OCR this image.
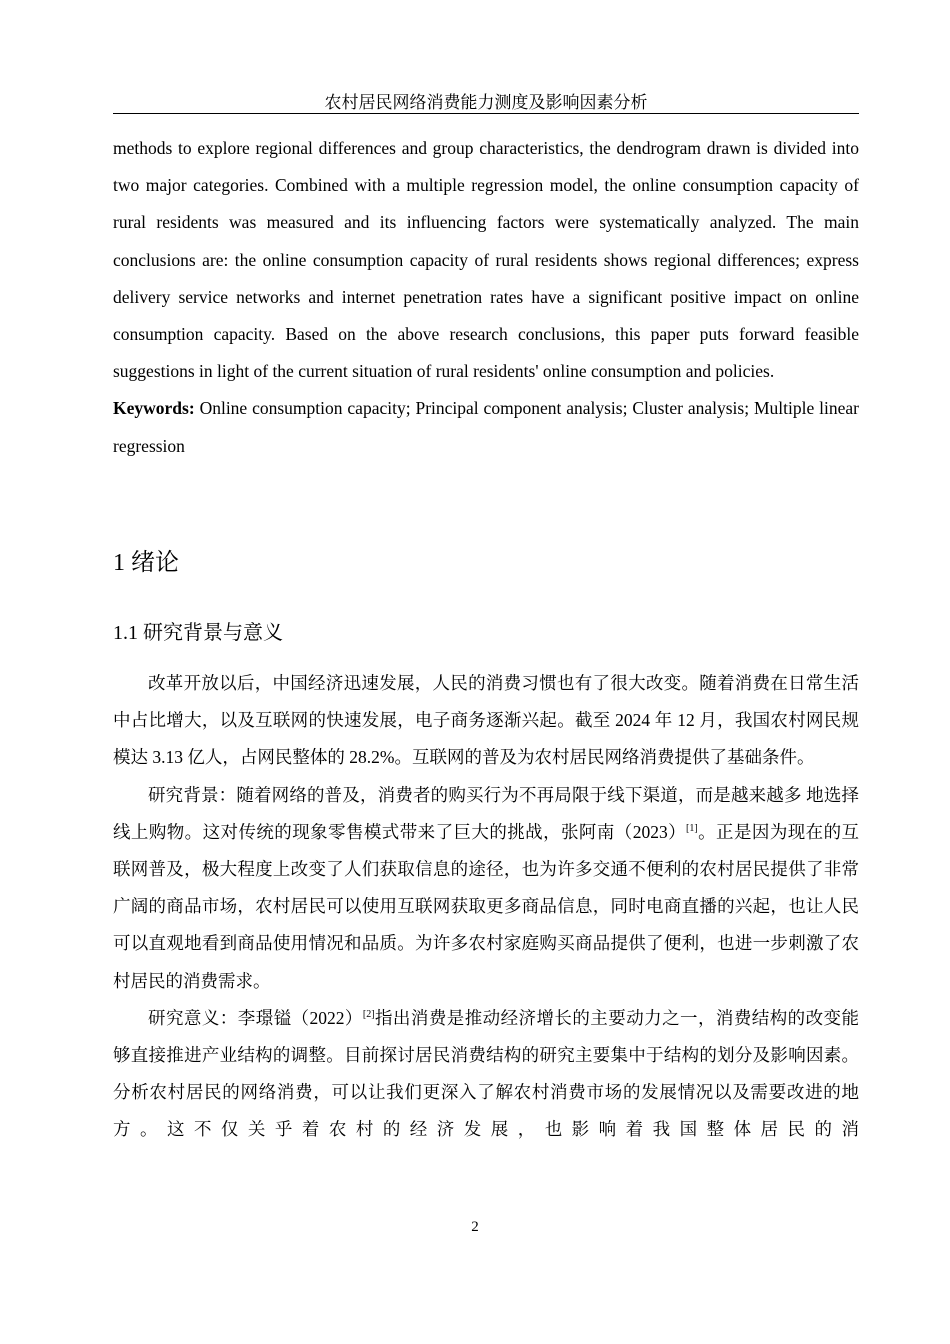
农村居民网络消费能力测度及影响因素分析

methods to explore regional differences and group characteristics, the dendrogram drawn is divided into two major categories. Combined with a multiple regression model, the online consumption capacity of rural residents was measured and its influencing factors were systematically analyzed. The main conclusions are: the online consumption capacity of rural residents shows regional differences; express delivery service networks and internet penetration rates have a significant positive impact on online consumption capacity. Based on the above research conclusions, this paper puts forward feasible suggestions in light of the current situation of rural residents' online consumption and policies.

Keywords: Online consumption capacity; Principal component analysis; Cluster analysis; Multiple linear regression

1 绪论
1.1 研究背景与意义

改革开放以后，中国经济迅速发展，人民的消费习惯也有了很大改变。随着消费在日常生活中占比增大，以及互联网的快速发展，电子商务逐渐兴起。截至 2024 年 12 月，我国农村网民规模达 3.13 亿人，占网民整体的 28.2%。互联网的普及为农村居民网络消费提供了基础条件。

研究背景：随着网络的普及，消费者的购买行为不再局限于线下渠道，而是越来越多 地选择线上购物。这对传统的现象零售模式带来了巨大的挑战，张阿南（2023）[1]。正是因为现在的互联网普及，极大程度上改变了人们获取信息的途径，也为许多交通不便利的农村居民提供了非常广阔的商品市场，农村居民可以使用互联网获取更多商品信息，同时电商直播的兴起，也让人民可以直观地看到商品使用情况和品质。为许多农村家庭购买商品提供了便利，也进一步刺激了农村居民的消费需求。

研究意义：李璟镒（2022）[2]指出消费是推动经济增长的主要动力之一，消费结构的改变能够直接推进产业结构的调整。目前探讨居民消费结构的研究主要集中于结构的划分及影响因素。分析农村居民的网络消费，可以让我们更深入了解农村消费市场的发展情况以及需要改进的地方。这不仅关乎着农村的经济发展，也影响着我国整体居民的消

2
